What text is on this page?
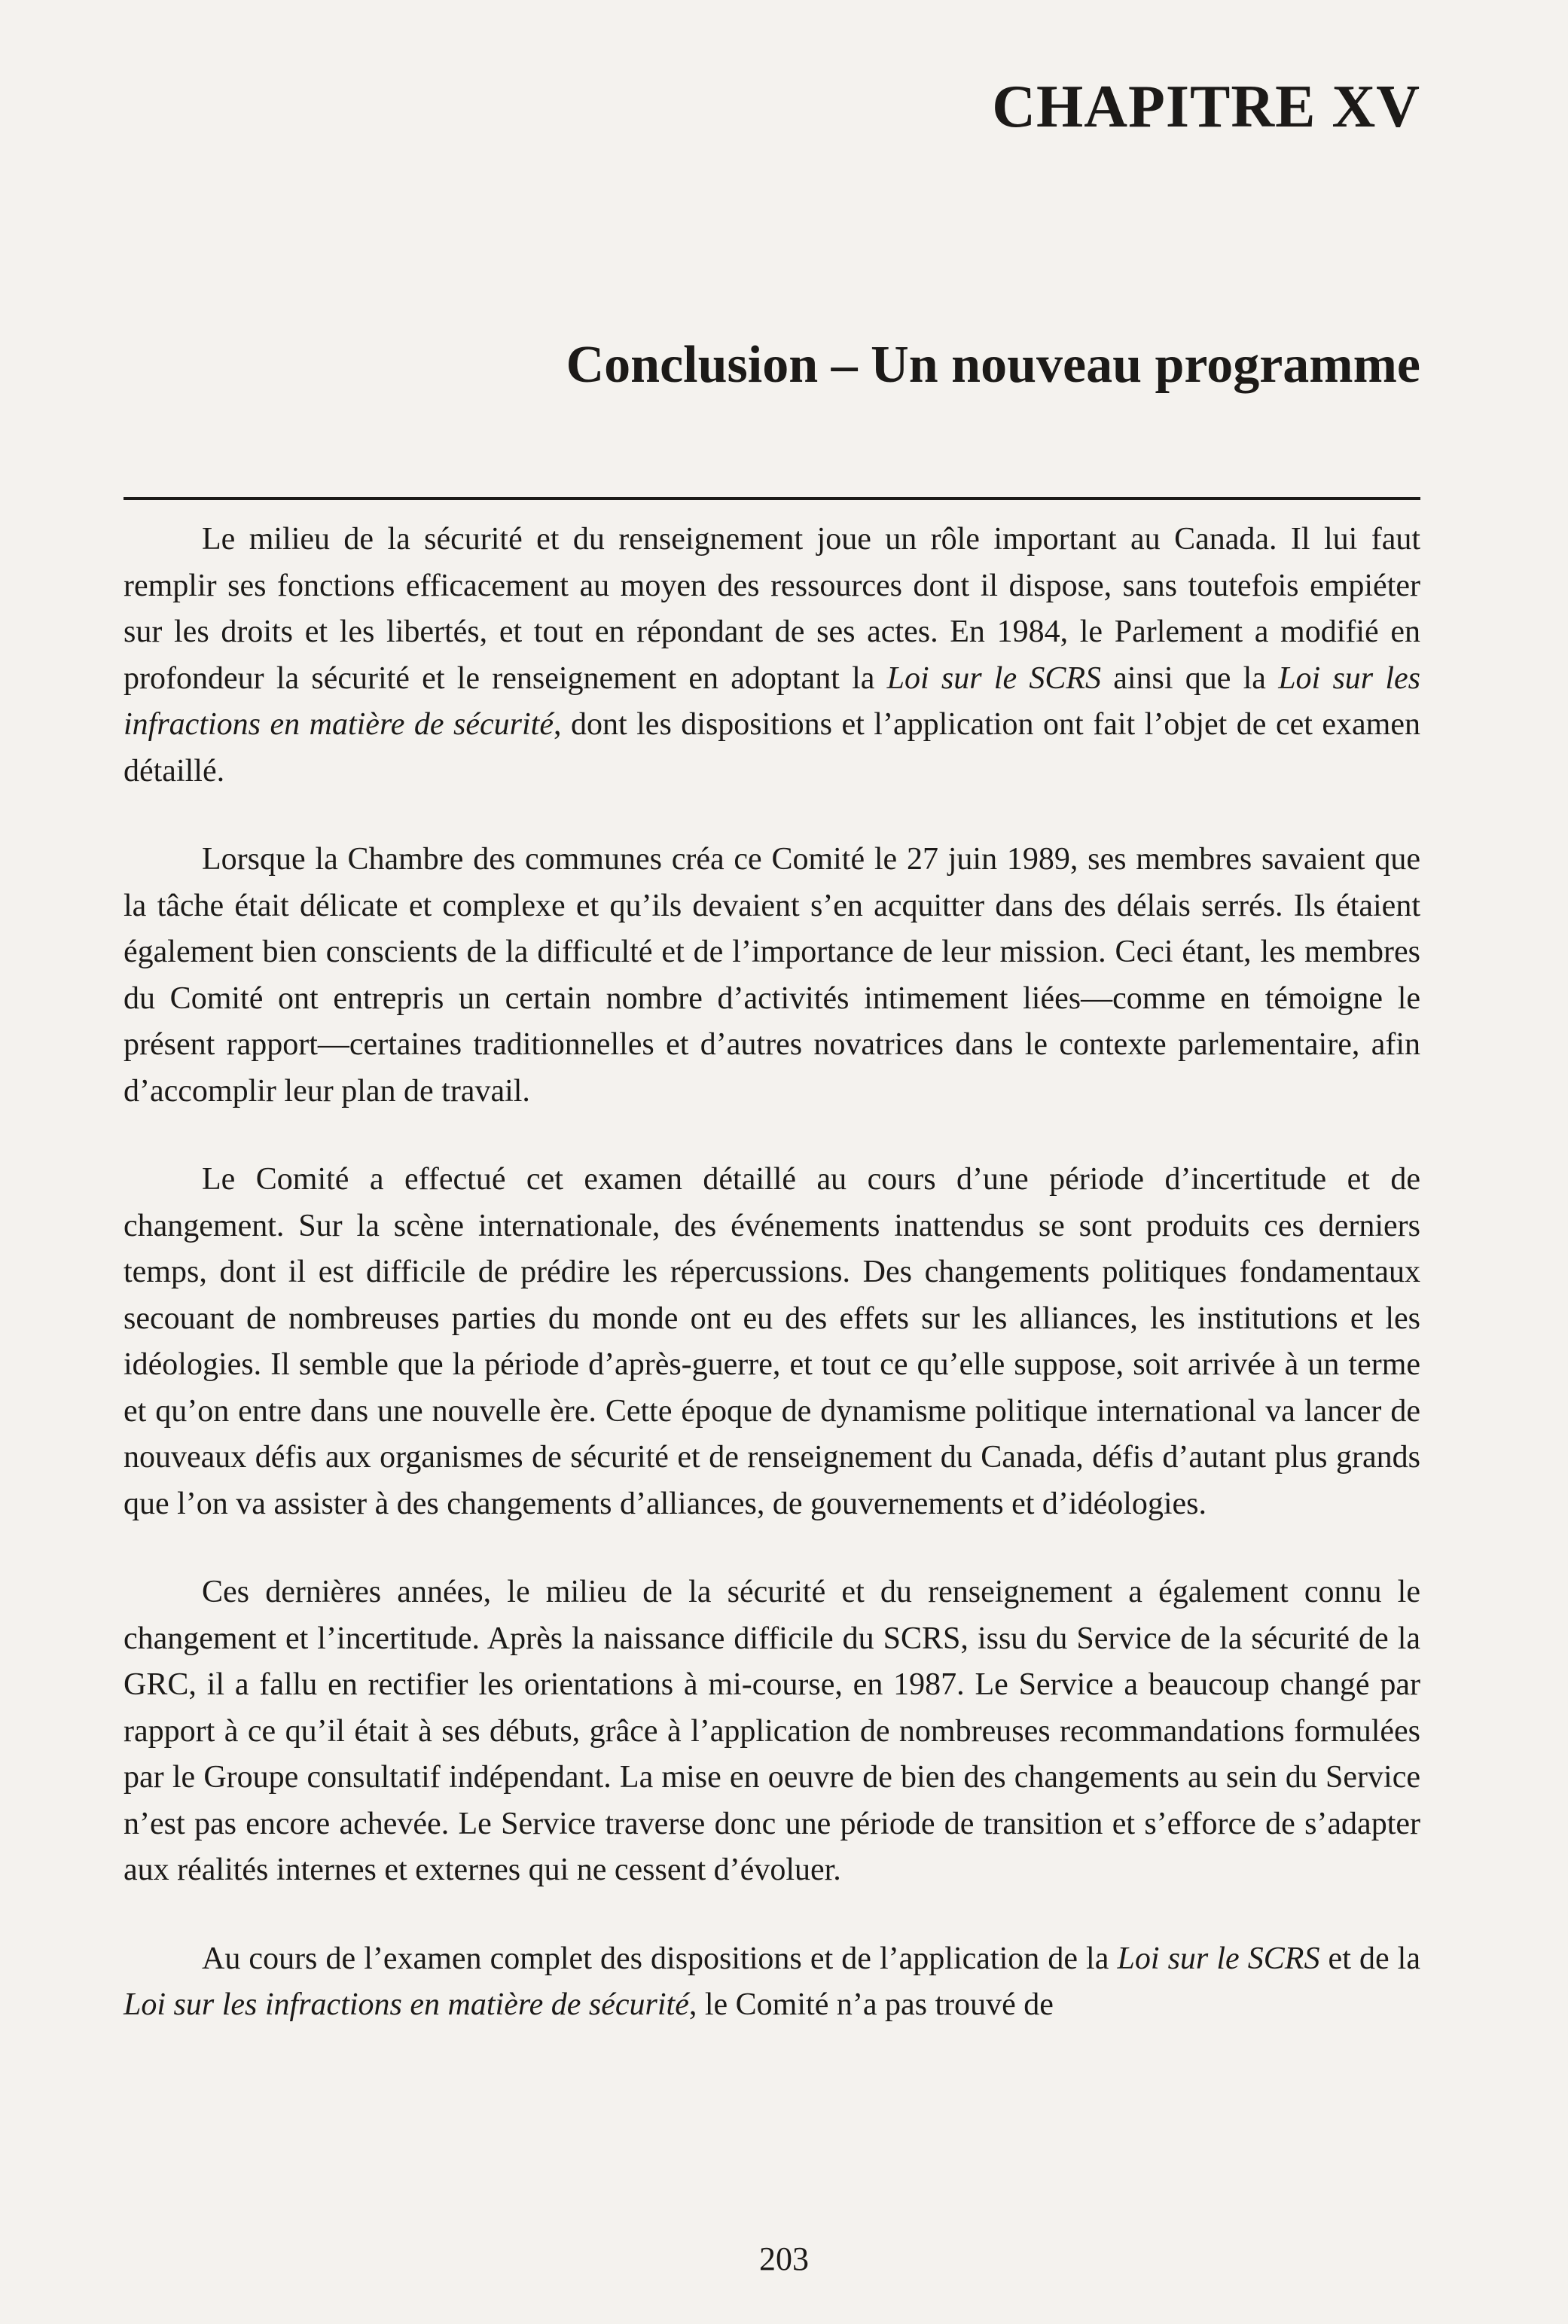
CHAPITRE XV
Conclusion – Un nouveau programme

Le milieu de la sécurité et du renseignement joue un rôle important au Canada. Il lui faut remplir ses fonctions efficacement au moyen des ressources dont il dispose, sans toutefois empiéter sur les droits et les libertés, et tout en répondant de ses actes. En 1984, le Parlement a modifié en profondeur la sécurité et le renseignement en adoptant la Loi sur le SCRS ainsi que la Loi sur les infractions en matière de sécurité, dont les dispositions et l’application ont fait l’objet de cet examen détaillé.

Lorsque la Chambre des communes créa ce Comité le 27 juin 1989, ses membres savaient que la tâche était délicate et complexe et qu’ils devaient s’en acquitter dans des délais serrés. Ils étaient également bien conscients de la difficulté et de l’importance de leur mission. Ceci étant, les membres du Comité ont entrepris un certain nombre d’activités intimement liées—comme en témoigne le présent rapport—certaines traditionnelles et d’autres novatrices dans le contexte parlementaire, afin d’accomplir leur plan de travail.

Le Comité a effectué cet examen détaillé au cours d’une période d’incertitude et de changement. Sur la scène internationale, des événements inattendus se sont produits ces derniers temps, dont il est difficile de prédire les répercussions. Des changements politiques fondamentaux secouant de nombreuses parties du monde ont eu des effets sur les alliances, les institutions et les idéologies. Il semble que la période d’après-guerre, et tout ce qu’elle suppose, soit arrivée à un terme et qu’on entre dans une nouvelle ère. Cette époque de dynamisme politique international va lancer de nouveaux défis aux organismes de sécurité et de renseignement du Canada, défis d’autant plus grands que l’on va assister à des changements d’alliances, de gouvernements et d’idéologies.

Ces dernières années, le milieu de la sécurité et du renseignement a également connu le changement et l’incertitude. Après la naissance difficile du SCRS, issu du Service de la sécurité de la GRC, il a fallu en rectifier les orientations à mi-course, en 1987. Le Service a beaucoup changé par rapport à ce qu’il était à ses débuts, grâce à l’application de nombreuses recommandations formulées par le Groupe consultatif indépendant. La mise en oeuvre de bien des changements au sein du Service n’est pas encore achevée. Le Service traverse donc une période de transition et s’efforce de s’adapter aux réalités internes et externes qui ne cessent d’évoluer.

Au cours de l’examen complet des dispositions et de l’application de la Loi sur le SCRS et de la Loi sur les infractions en matière de sécurité, le Comité n’a pas trouvé de

203
